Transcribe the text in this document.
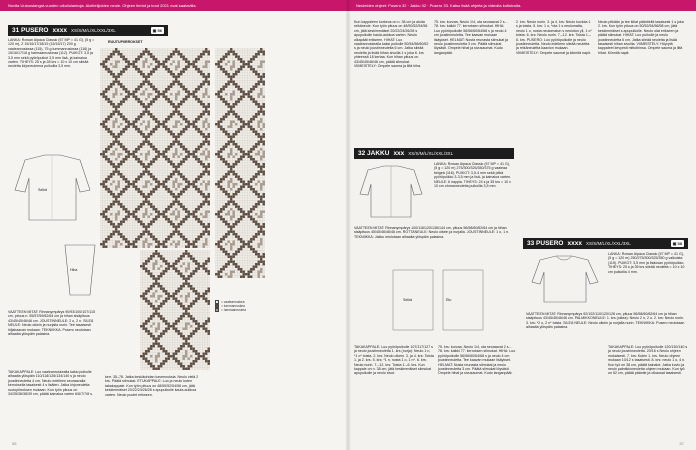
Novita Uutuuslangat-vuoden ulkoilulankoja. Aloittelijoiden neule. Ohjeen tiedot ja koot 2021 ovat saatavilla.
31 PUSERO xxxx XS/S/M/L/XL/XXL/3XL	▣ 56
RUUTUPIIRROKSET
Selkä
Hiha
LANKA: Rowan Alpaca Classic (57 MP = 41 G), (5 g = 120 m), Z 15/16/17/18/19 (15/15/17) 200 g vaaleanruskeaa (115), 75 g tummanruskeaa (116) ja 15/16/17/18 g harmaanruskeaa (112). PUIKOT: 3,5 ja 3,5 mm sekä pyöröpuikot 3,5 mm lisä- ja kainaloa varten. TIHEYS: 25 s ja 28 krs = 10 x 10 cm sileää neuletta kirjoneuleena puikoilla 3,5 mm.
VAATTEEN MITAT: Rinnanympärys 90/93/100/107/115 cm, pituus n. 55/57/59/62/64 cm ja hihan sisäpituus 43/45/45/46/46 cm. JOUSTINNEULE: 2 o, 2 n. SILEÄ NEULE: Neulo oikein ja nurjalla nurin. Tee tasaisesti hiljakaavan mukaan. TEKNIIKKA: Pusero neulotaan alhaalta ylöspäin palasina.
TAKAKAPPALE: Luo vaaleanruskealla kaksi puikolle alhaalta ylöspäin 110/118/126/134/140 s ja neulo joustinneuletta 4 cm. Neulo edelleen seuraavalla kerroksella tasaisesti 4 s lisäten. Jatka kirjoneuletta ruutupiirroksen mukaan. Kun työn pituus on 34/35/36/38/39 cm, päätä kainaloa varten 6/6/7/7/8 s.
kerr. 35–78. Jatka keskikohdan kavennuksia. Neulo vielä 2 krs. Päätä silmukat. ETUKAPPALE: Luo ja neulo kuten takakappale. Kun työn pituus on 48/50/52/54/56 cm, jätä keskimmäiset 20/22/24/26/28 s apupuikolle kaula-aukkoa varten. Neulo puolet erikseen.
= vaaleanruskea
= tummanruskea
= harmaanruskea
56
Neuleiden ohjeet: Pusero 32 · Jakku 32 · Pusero 33. Katso lisää ohjeita ja videoita kotisivulta.
Kun kappaleen korkeus on n. 38 cm ja aloita reikäneule. Kun työn pituus on 48/50/52/54/56 cm, jätä keskimmäiset 20/22/24/26/28 s apupuikolle kaula-aukkoa varten. Neulo olkapäät erikseen. HIHAT: Luo vaaleanruskealla kaksi puikolle 50/54/58/60/62 s ja neulo joustinneuletta 6 cm. Jatka sileää neuletta ja lisää hihan sivuilla 1 s joka 6. krs yhteensä 18 kertaa. Kun hihan pituus on 43/45/45/46/46 cm, päätä silmukat. VIIMEISTELY: Ompele sauma ja liitä hiha.
75. krs: korvaa, Neulo 1/4, ota seuraavat 2 s... 78. krs: kaikki 77. kerroksen silmukat. HIHA: Luo pyöröpuikolle 56/56/60/64/68 s ja neulo 4 cm joustinneuletta. Tee kaavan mukaan lisäykset. HELMAT: Nosta reunasta silmukat ja neulo joustinneuletta 3 cm. Päätä silmukat löysästi. Ompele hihat ja sivusaumat. Kudo langanpäät.
2. krs: Neulo nurin. 3. ja 4. krs: Neulo kuviota 1 s ja toista. 5. krs: 1 o, *ota 1 s neulomatta, neulo 1 o, nosta neulomaton s neulotun yli, 1 o* toista. 6. krs: Neulo nurin. 7.–12. krs: Toista 1.–6. krs. PUSERO: Luo pyöröpuikolle ja neulo joustinneuletta. Neulo edelleen sileää neuletta ja reikäneuletta kaavion mukaan. VIIMEISTELY: Ompele saumat ja kiinnitä napit.
Neulo pitkään ja tee kiilat pääntiellä tasaisesti 1 s joka 2. krs. Kun työn pituus on 50/52/54/56/58 cm, jätä keskimmäiset s apupuikolle. Neulo olat erikseen ja päätä silmukat. HIHAT: Luo puikolle ja neulo joustinneuletta 6 cm. Jatka sileää neuletta ja lisää tasaisesti hihan sivuilla. VIIMEISTELY: Höyrytä kappaleet kevyesti mittoihinsa. Ompele sauma ja liitä hihat. Kiinnitä napit.
32 JAKKU xxx XS/S/M/L/XL/XXL/3XL
LANKA: Rowan Alpaca Classic (57 MP = 41 G), (5 g = 120 m) 275/300/325/350/375 g vaaleaa beigeä (116). PUIKOT: 3,5-4 mm sekä pitkä pyöröpuikko 3-3,5 mm ja lisä- ja kainaloa varten. NEULE: 6 nappia. TIHEYS: 24 s ja 35 krs = 10 x 10 cm ohmanneuletta puikoilla 3,5 mm.
VAATTEEN MITAT: Rinnanympärys 100/116/120/136/144 cm, pituus 56/58/60/62/64 cm ja hihan sisäpituus 45/45/46/46/46 cm. ROTTANEULE: Neulo oikein ja nurjalla. JOUSTINNEULE: 1 o, 1 n. TEKNIIKKA: Jakku neulotaan alhaalta ylöspäin palasina.
Selkä	Etu
TAKAKAPPALE: Luo pyöröpuikolle 107/117/127 s ja neulo joustinneuletta 1. krs (nurja): Neulo 1 n, *1 o* toista. 2. krs: Neulo oikein. 3. ja 4. krs: Toista 1. ja 2. krs. 5. krs: *1 n, nosta 1 o, 1 n*. 6. krs: Neulo nurin. 7.–12. krs: Toista 1.–6. krs. Kun kappale on n. 38 cm, jätä keskimmäiset silmukat apupuikolle ja neulo sivut.
75. krs: korvaa, Neulo 1/4, ota seuraavat 2 s... 78. krs: kaikki 77. kerroksen silmukat. HIHA: Luo pyöröpuikolle 56/56/60/64/68 s ja neulo 4 cm joustinneuletta. Tee kaavan mukaan lisäykset. HELMAT: Nosta reunasta silmukat ja neulo joustinneuletta 3 cm. Päätä silmukat löysästi. Ompele hihat ja sivusaumat. Kudo langanpäät.
33 PUSERO xxxx XS/S/M/L/XL/XXL/3XL	▣ 58
LANKA: Rowan Alpaca Classic (57 MP = 41 G), (5 g = 120 m) 250/275/300/325/350 g valkoista (115). PUIKOT: 3,5 mm ja lisäosan pyöröpuikko. TIHEYS: 25 s ja 39 krs sileää neuletta = 10 x 10 cm puikoilla 4 mm.
VAATTEEN MITAT: Rinnanympärys 92/102/110/120/128 cm, pituus 56/58/60/62/64 cm ja hihan sisäpituus 43/45/45/46/46 cm. PALMIKKONEULE: 1. krs (oikea): Neulo 2 n, 2 o. 2. krs: Neulo nurin. 3. krs: *2 o, 2 n* toista. SILEÄ NEULE: Neulo oikein ja nurjalla nurin. TEKNIIKKA: Pusero neulotaan alhaalta ylöspäin palasina.
TAKAKAPPALE: Luo pyöröpuikolle 120/130/140 s ja neulo joustinneuletta. 20/16 s Neulo ohjeen mukaisesti. 7. krs: Kuten 1. krs. Neulo ohjeen mukaan 10/12 s tasaisesti. 8. krs: neulo 1 o, 4 n. Kun työ on 38 cm, päätä kainalot. Jatka kuvio ja neulo palmikkoneuletta ohjeen mukaan. Kun työ on 52 cm, päätä pääntie ja olkaosat tasaisesti.
57
